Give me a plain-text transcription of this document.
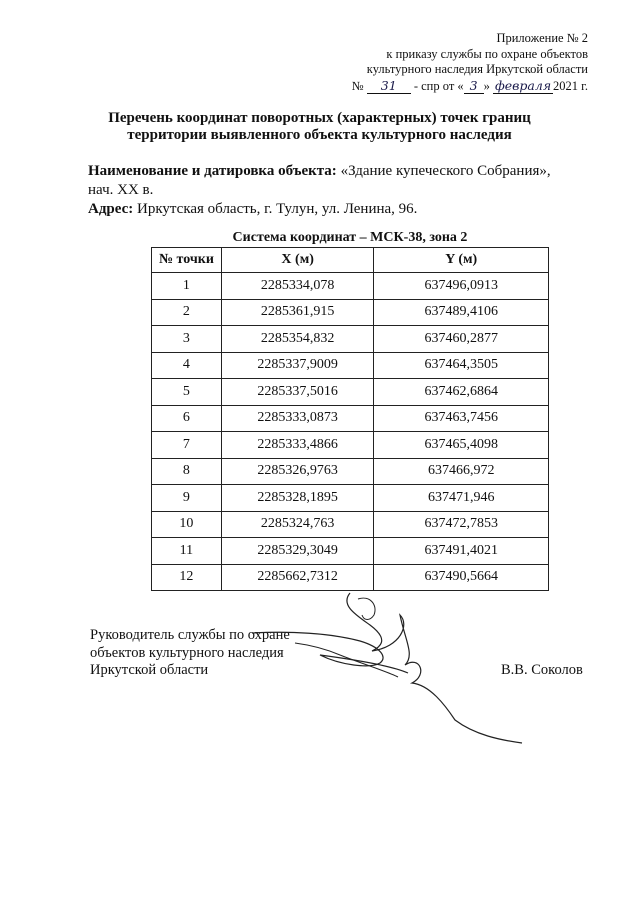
Приложение № 2
к приказу службы по охране объектов
культурного наследия Иркутской области
№ 31 - спр от « 3 » февраля 2021 г.
Перечень координат поворотных (характерных) точек границ
территории выявленного объекта культурного наследия
Наименование и датировка объекта: «Здание купеческого Собрания», нач. XX в.
Адрес: Иркутская область, г. Тулун, ул. Ленина, 96.
Система координат – МСК-38, зона 2
№ точки	X (м)	Y (м)
1	2285334,078	637496,0913
2	2285361,915	637489,4106
3	2285354,832	637460,2877
4	2285337,9009	637464,3505
5	2285337,5016	637462,6864
6	2285333,0873	637463,7456
7	2285333,4866	637465,4098
8	2285326,9763	637466,972
9	2285328,1895	637471,946
10	2285324,763	637472,7853
11	2285329,3049	637491,4021
12	2285662,7312	637490,5664
Руководитель службы по охране
объектов культурного наследия
Иркутской области	В.В. Соколов
